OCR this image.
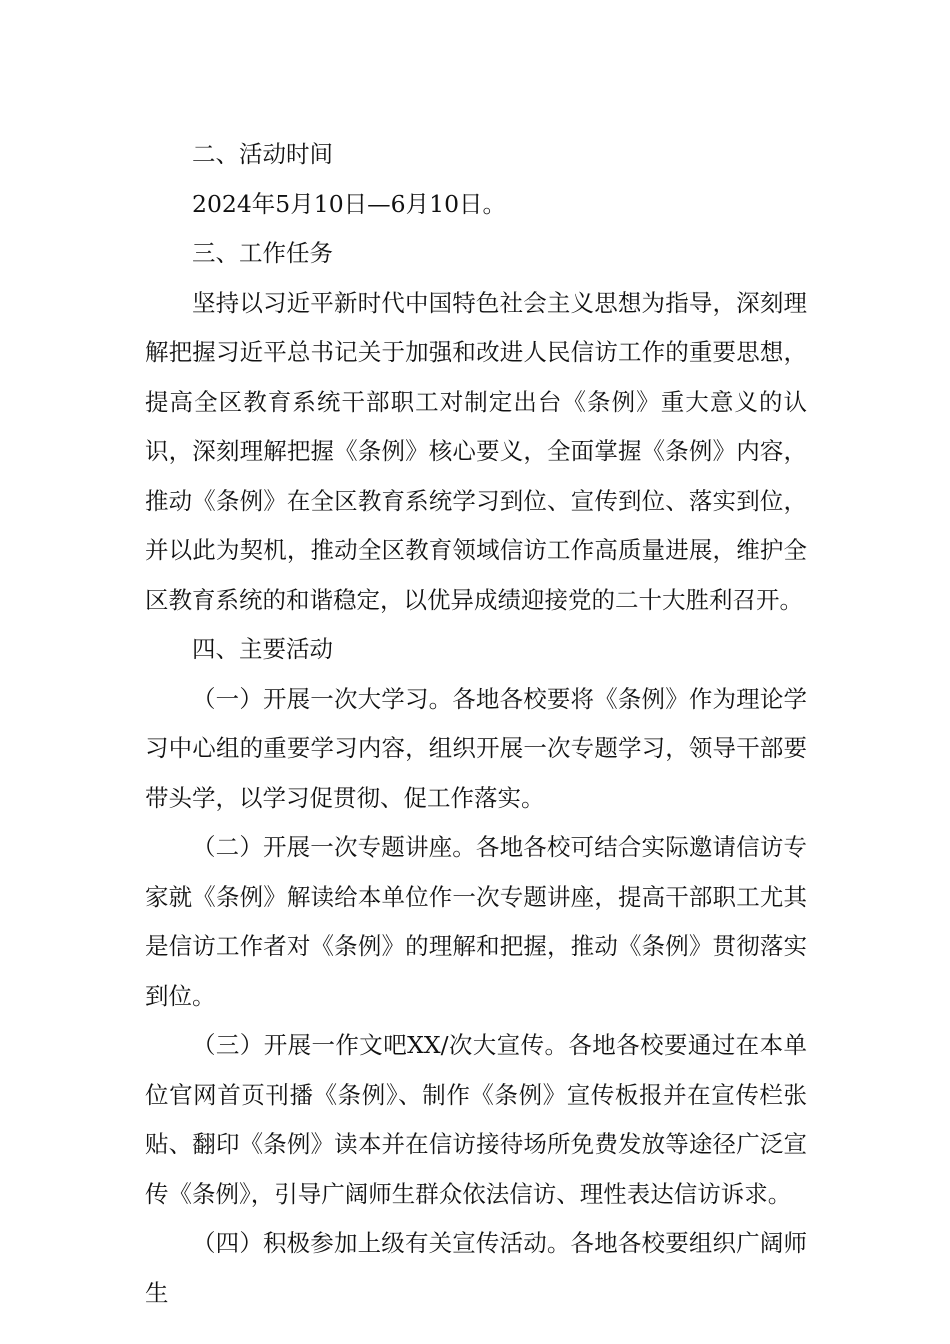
二、活动时间

2024年5月10日—6月10日。

三、工作任务

坚持以习近平新时代中国特色社会主义思想为指导，深刻理解把握习近平总书记关于加强和改进人民信访工作的重要思想，提高全区教育系统干部职工对制定出台《条例》重大意义的认识，深刻理解把握《条例》核心要义，全面掌握《条例》内容，推动《条例》在全区教育系统学习到位、宣传到位、落实到位，并以此为契机，推动全区教育领域信访工作高质量进展，维护全区教育系统的和谐稳定，以优异成绩迎接党的二十大胜利召开。

四、主要活动

（一）开展一次大学习。各地各校要将《条例》作为理论学习中心组的重要学习内容，组织开展一次专题学习，领导干部要带头学，以学习促贯彻、促工作落实。

（二）开展一次专题讲座。各地各校可结合实际邀请信访专家就《条例》解读给本单位作一次专题讲座，提高干部职工尤其是信访工作者对《条例》的理解和把握，推动《条例》贯彻落实到位。

（三）开展一作文吧XX/次大宣传。各地各校要通过在本单位官网首页刊播《条例》、制作《条例》宣传板报并在宣传栏张贴、翻印《条例》读本并在信访接待场所免费发放等途径广泛宣传《条例》，引导广阔师生群众依法信访、理性表达信访诉求。

（四）积极参加上级有关宣传活动。各地各校要组织广阔师生
